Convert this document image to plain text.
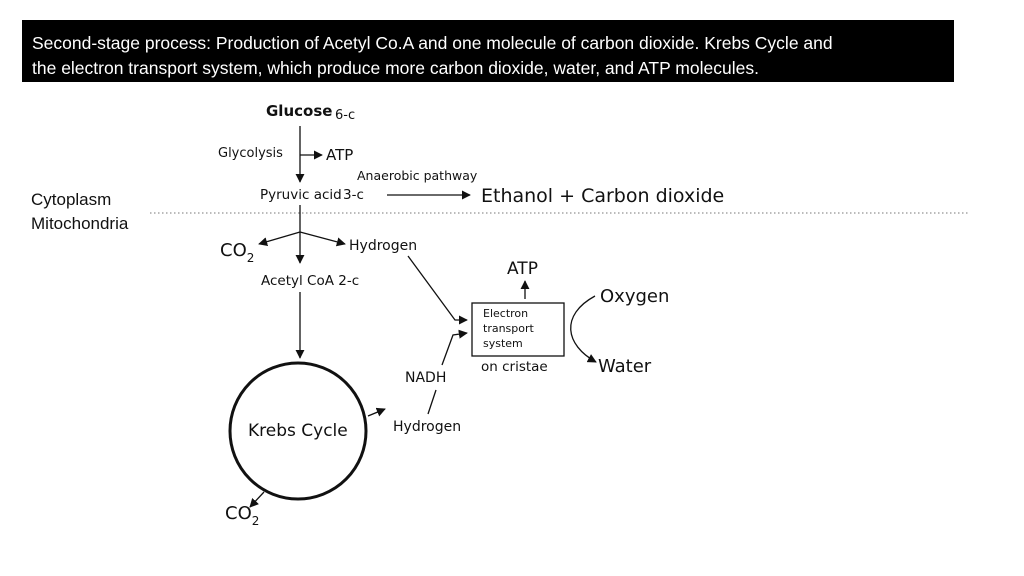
Second-stage process: Production of Acetyl Co.A and one molecule of carbon dioxide. Krebs Cycle and
the electron transport system, which produce more carbon dioxide, water, and ATP molecules.
Cytoplasm
Mitochondria
Glucose 6-c
Glycolysis	ATP
Pyruvic acid 3-c
Anaerobic pathway
Ethanol + Carbon dioxide
$CO_2$
Hydrogen
Acetyl CoA 2-c
Krebs Cycle	Hydrogen
$CO_2$
NADH
Electron
transport
system
on cristae
ATP
Oxygen
Water
